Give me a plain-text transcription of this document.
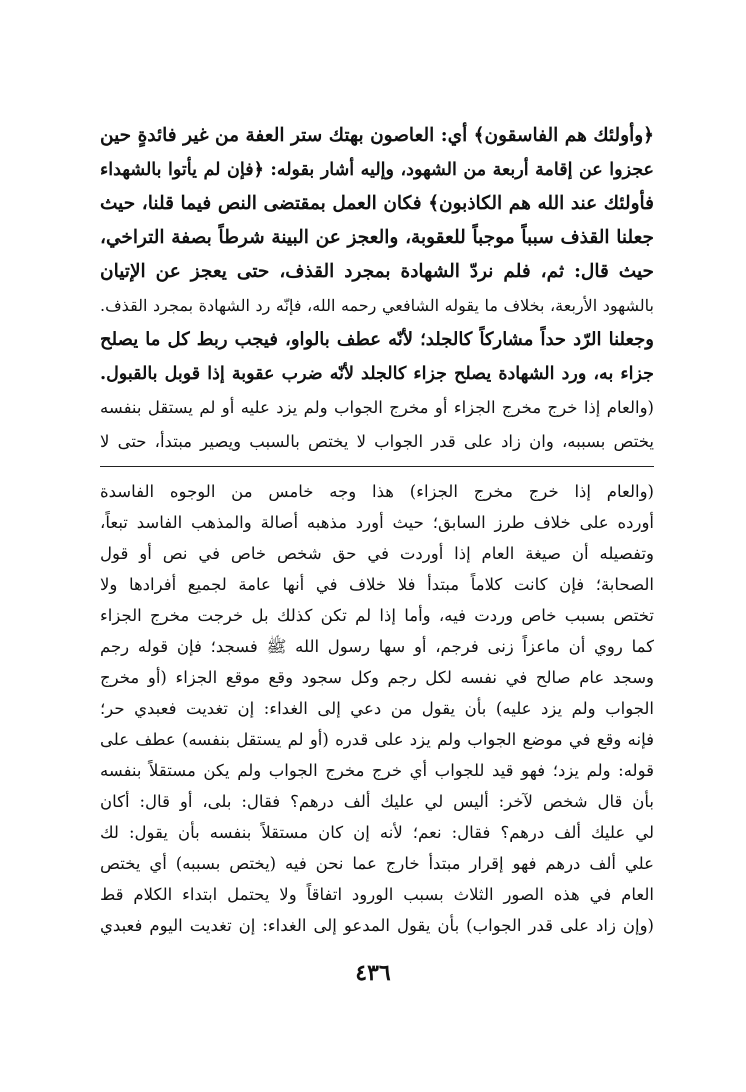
﴿وأولئك هم الفاسقون﴾ أي: العاصون بهتك ستر العفة من غير فائدةٍ حين
عجزوا عن إقامة أربعة من الشهود، وإليه أشار بقوله: ﴿فإن لم يأتوا بالشهداء
فأولئك عند الله هم الكاذبون﴾ فكان العمل بمقتضى النص فيما قلنا، حيث
جعلنا القذف سبباً موجباً للعقوبة، والعجز عن البينة شرطاً بصفة التراخي،
حيث قال: ثم، فلم نردّ الشهادة بمجرد القذف، حتى يعجز عن الإتيان
بالشهود الأربعة، بخلاف ما يقوله الشافعي رحمه الله، فإنّه رد الشهادة بمجرد القذف.
وجعلنا الرّد حداً مشاركاً كالجلد؛ لأنّه عطف بالواو، فيجب ربط كل ما يصلح
جزاء به، ورد الشهادة يصلح جزاء كالجلد لأنّه ضرب عقوبة إذا قوبل بالقبول.
(والعام إذا خرج مخرج الجزاء أو مخرج الجواب ولم يزد عليه أو لم يستقل بنفسه
يختص بسببه، وان زاد على قدر الجواب لا يختص بالسبب ويصير مبتدأ، حتى لا
(والعام إذا خرج مخرج الجزاء) هذا وجه خامس من الوجوه الفاسدة
أورده على خلاف طرز السابق؛ حيث أورد مذهبه أصالة والمذهب الفاسد تبعاً،
وتفصيله أن صيغة العام إذا أوردت في حق شخص خاص في نص أو قول
الصحابة؛ فإن كانت كلاماً مبتدأ فلا خلاف في أنها عامة لجميع أفرادها ولا
تختص بسبب خاص وردت فيه، وأما إذا لم تكن كذلك بل خرجت مخرج الجزاء
كما روي أن ماعزاً زنى فرجم، أو سها رسول الله ﷺ فسجد؛ فإن قوله رجم
وسجد عام صالح في نفسه لكل رجم وكل سجود وقع موقع الجزاء (أو مخرج
الجواب ولم يزد عليه) بأن يقول من دعي إلى الغداء: إن تغديت فعبدي حر؛
فإنه وقع في موضع الجواب ولم يزد على قدره (أو لم يستقل بنفسه) عطف على
قوله: ولم يزد؛ فهو قيد للجواب أي خرج مخرج الجواب ولم يكن مستقلاً بنفسه
بأن قال شخص لآخر: أليس لي عليك ألف درهم؟ فقال: بلى، أو قال: أكان
لي عليك ألف درهم؟ فقال: نعم؛ لأنه إن كان مستقلاً بنفسه بأن يقول: لك
علي ألف درهم فهو إقرار مبتدأ خارج عما نحن فيه (يختص بسببه) أي يختص
العام في هذه الصور الثلاث بسبب الورود اتفاقاً ولا يحتمل ابتداء الكلام قط
(وإن زاد على قدر الجواب) بأن يقول المدعو إلى الغداء: إن تغديت اليوم فعبدي
٤٣٦
